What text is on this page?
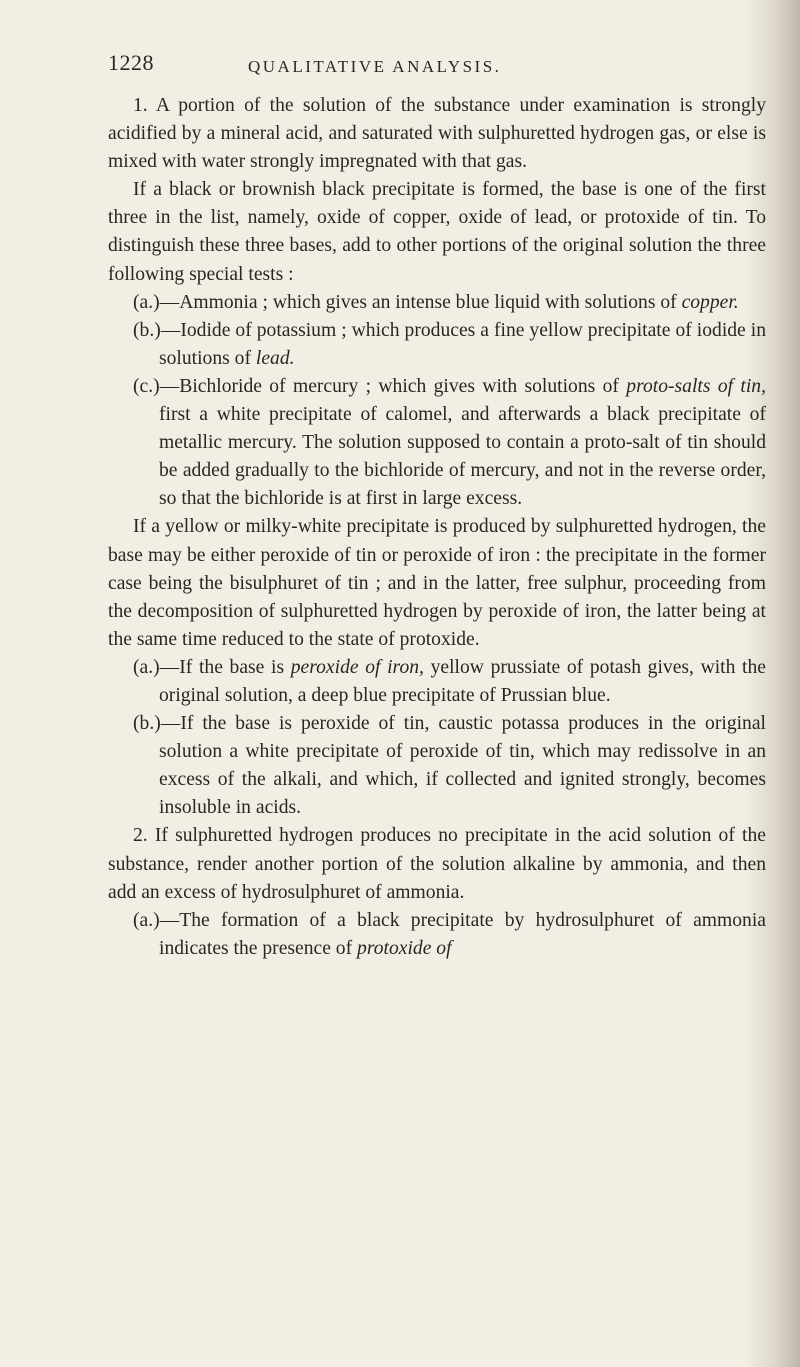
1228	QUALITATIVE ANALYSIS.

1. A portion of the solution of the substance under examination is strongly acidified by a mineral acid, and saturated with sulphuretted hydrogen gas, or else is mixed with water strongly impregnated with that gas.

If a black or brownish black precipitate is formed, the base is one of the first three in the list, namely, oxide of copper, oxide of lead, or protoxide of tin. To distinguish these three bases, add to other portions of the original solution the three following special tests :

(a.)—Ammonia ; which gives an intense blue liquid with solutions of copper.

(b.)—Iodide of potassium ; which produces a fine yellow precipitate of iodide in solutions of lead.

(c.)—Bichloride of mercury ; which gives with solutions of proto-salts of tin, first a white precipitate of calomel, and afterwards a black precipitate of metallic mercury. The solution supposed to contain a proto-salt of tin should be added gradually to the bichloride of mercury, and not in the reverse order, so that the bichloride is at first in large excess.

If a yellow or milky-white precipitate is produced by sulphuretted hydrogen, the base may be either peroxide of tin or peroxide of iron : the precipitate in the former case being the bisulphuret of tin ; and in the latter, free sulphur, proceeding from the decomposition of sulphuretted hydrogen by peroxide of iron, the latter being at the same time reduced to the state of protoxide.

(a.)—If the base is peroxide of iron, yellow prussiate of potash gives, with the original solution, a deep blue precipitate of Prussian blue.

(b.)—If the base is peroxide of tin, caustic potassa produces in the original solution a white precipitate of peroxide of tin, which may redissolve in an excess of the alkali, and which, if collected and ignited strongly, becomes insoluble in acids.

2. If sulphuretted hydrogen produces no precipitate in the acid solution of the substance, render another portion of the solution alkaline by ammonia, and then add an excess of hydrosulphuret of ammonia.

(a.)—The formation of a black precipitate by hydrosulphuret of ammonia indicates the presence of protoxide of
